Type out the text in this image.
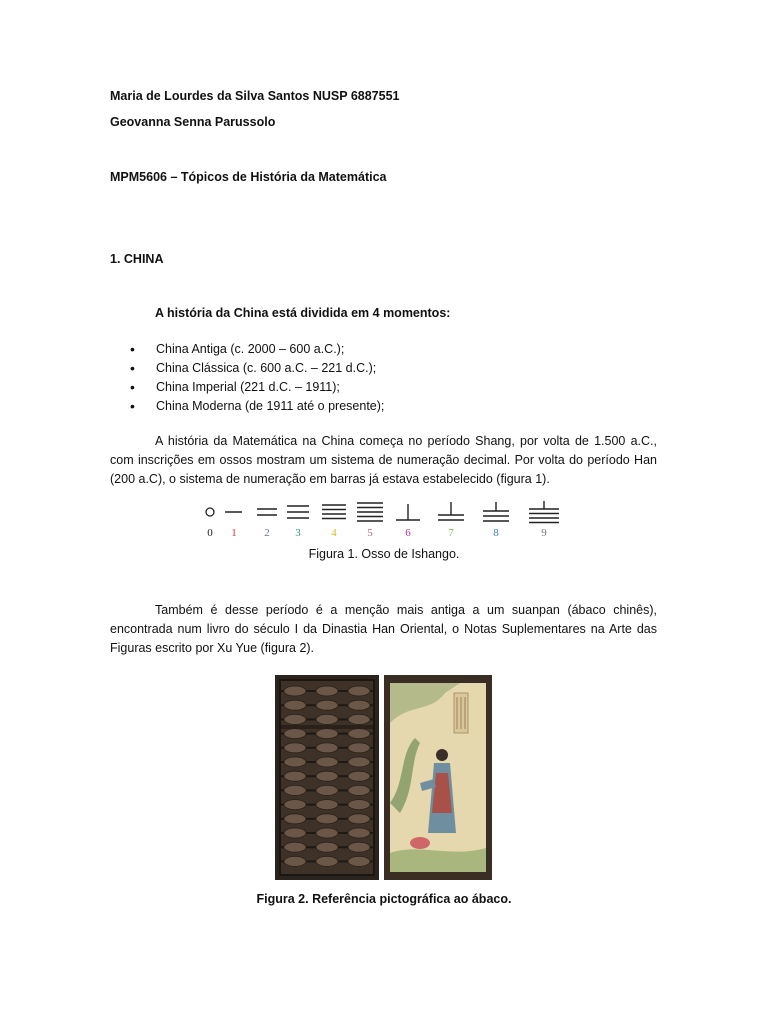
Maria de Lourdes da Silva Santos NUSP 6887551
Geovanna Senna Parussolo
MPM5606 – Tópicos de História da Matemática
1. CHINA
A história da China está dividida em 4 momentos:
• China Antiga (c. 2000 – 600 a.C.);
• China Clássica (c. 600 a.C. – 221 d.C.);
• China Imperial (221 d.C. – 1911);
• China Moderna (de 1911 até o presente);
A história da Matemática na China começa no período Shang, por volta de 1.500 a.C., com inscrições em ossos mostram um sistema de numeração decimal. Por volta do período Han (200 a.C), o sistema de numeração em barras já estava estabelecido (figura 1).
0 1	2 3	4	5	6	7	8	9
Figura 1. Osso de Ishango.
Também é desse período é a menção mais antiga a um suanpan (ábaco chinês), encontrada num livro do século I da Dinastia Han Oriental, o Notas Suplementares na Arte das Figuras escrito por Xu Yue (figura 2).
Figura 2. Referência pictográfica ao ábaco.
